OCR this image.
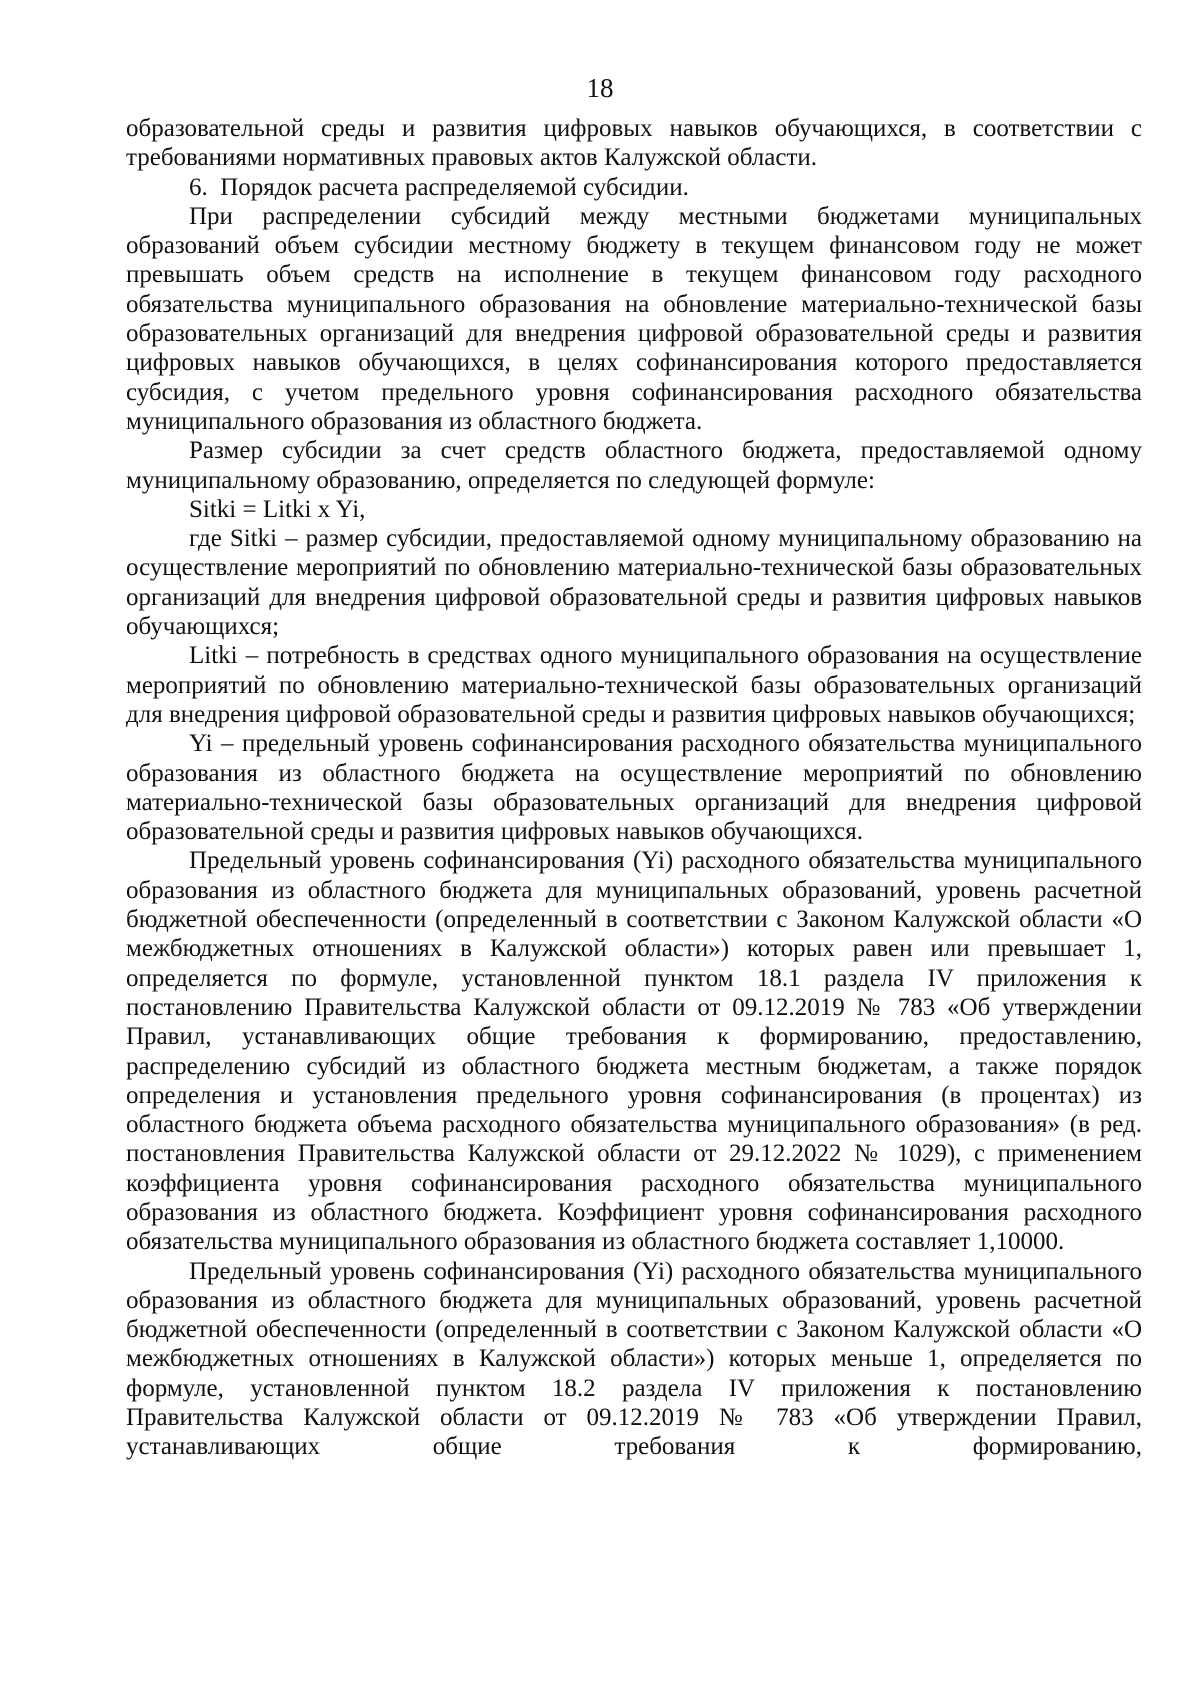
18

образовательной среды и развития цифровых навыков обучающихся, в соответствии с требованиями нормативных правовых актов Калужской области.

6.  Порядок расчета распределяемой субсидии.

При распределении субсидий между местными бюджетами муниципальных образований объем субсидии местному бюджету в текущем финансовом году не может превышать объем средств на исполнение в текущем финансовом году расходного обязательства муниципального образования на обновление материально-технической базы образовательных организаций для внедрения цифровой образовательной среды и развития цифровых навыков обучающихся, в целях софинансирования которого предоставляется субсидия, с учетом предельного уровня софинансирования расходного обязательства муниципального образования из областного бюджета.

Размер субсидии за счет средств областного бюджета, предоставляемой одному муниципальному образованию, определяется по следующей формуле:

Sitki = Litki x Yi,

где Sitki – размер субсидии, предоставляемой одному муниципальному образованию на осуществление мероприятий по обновлению материально-технической базы образовательных организаций для внедрения цифровой образовательной среды и развития цифровых навыков обучающихся;

Litki – потребность в средствах одного муниципального образования на осуществление мероприятий по обновлению материально-технической базы образовательных организаций для внедрения цифровой образовательной среды и развития цифровых навыков обучающихся;

Yi – предельный уровень софинансирования расходного обязательства муниципального образования из областного бюджета на осуществление мероприятий по обновлению материально-технической базы образовательных организаций для внедрения цифровой образовательной среды и развития цифровых навыков обучающихся.

Предельный уровень софинансирования (Yi) расходного обязательства муниципального образования из областного бюджета для муниципальных образований, уровень расчетной бюджетной обеспеченности (определенный в соответствии с Законом Калужской области «О межбюджетных отношениях в Калужской области») которых равен или превышает 1, определяется по формуле, установленной пунктом 18.1 раздела IV приложения к постановлению Правительства Калужской области от 09.12.2019 № 783 «Об утверждении Правил, устанавливающих общие требования к формированию, предоставлению, распределению субсидий из областного бюджета местным бюджетам, а также порядок определения и установления предельного уровня софинансирования (в процентах) из областного бюджета объема расходного обязательства муниципального образования» (в ред. постановления Правительства Калужской области от 29.12.2022 № 1029), с применением коэффициента уровня софинансирования расходного обязательства муниципального образования из областного бюджета. Коэффициент уровня софинансирования расходного обязательства муниципального образования из областного бюджета составляет 1,10000.

Предельный уровень софинансирования (Yi) расходного обязательства муниципального образования из областного бюджета для муниципальных образований, уровень расчетной бюджетной обеспеченности (определенный в соответствии с Законом Калужской области «О межбюджетных отношениях в Калужской области») которых меньше 1, определяется по формуле, установленной пунктом 18.2 раздела IV приложения к постановлению Правительства Калужской области от 09.12.2019 № 783 «Об утверждении Правил, устанавливающих общие требования к формированию,
